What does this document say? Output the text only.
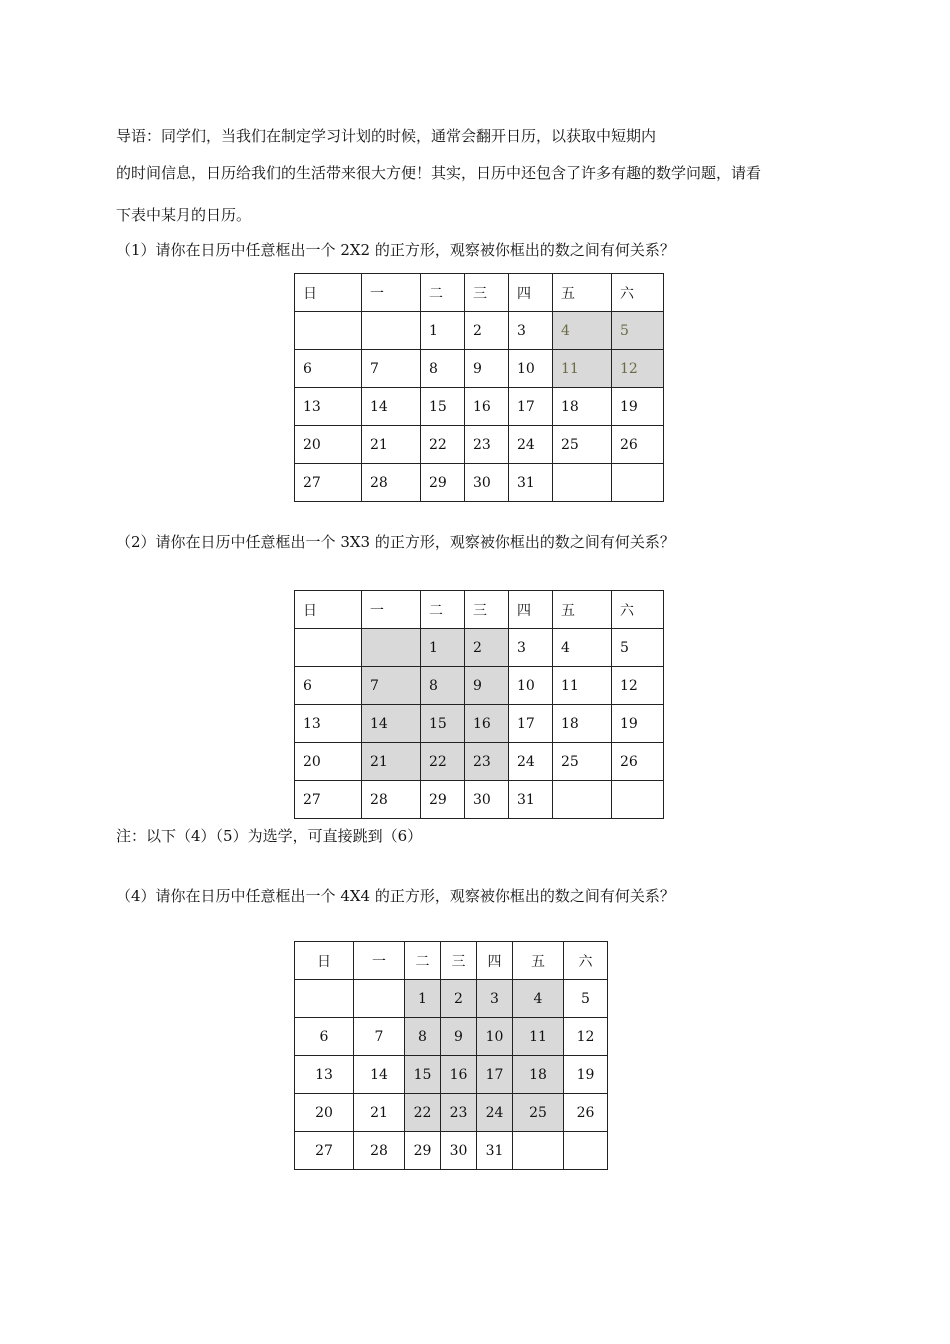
导语：同学们，当我们在制定学习计划的时候，通常会翻开日历，以获取中短期内
的时间信息，日历给我们的生活带来很大方便！其实，日历中还包含了许多有趣的数学问题，请看
下表中某月的日历。
（1）请你在日历中任意框出一个 2X2 的正方形，观察被你框出的数之间有何关系？
日	一	二	三	四	五	六
		1	2	3	4	5
6	7	8	9	10	11	12
13	14	15	16	17	18	19
20	21	22	23	24	25	26
27	28	29	30	31		
（2）请你在日历中任意框出一个 3X3 的正方形，观察被你框出的数之间有何关系？
日	一	二	三	四	五	六
		1	2	3	4	5
6	7	8	9	10	11	12
13	14	15	16	17	18	19
20	21	22	23	24	25	26
27	28	29	30	31		
注：以下（4）（5）为选学，可直接跳到（6）
（4）请你在日历中任意框出一个 4X4 的正方形，观察被你框出的数之间有何关系？
日	一	二	三	四	五	六
		1	2	3	4	5
6	7	8	9	10	11	12
13	14	15	16	17	18	19
20	21	22	23	24	25	26
27	28	29	30	31		
